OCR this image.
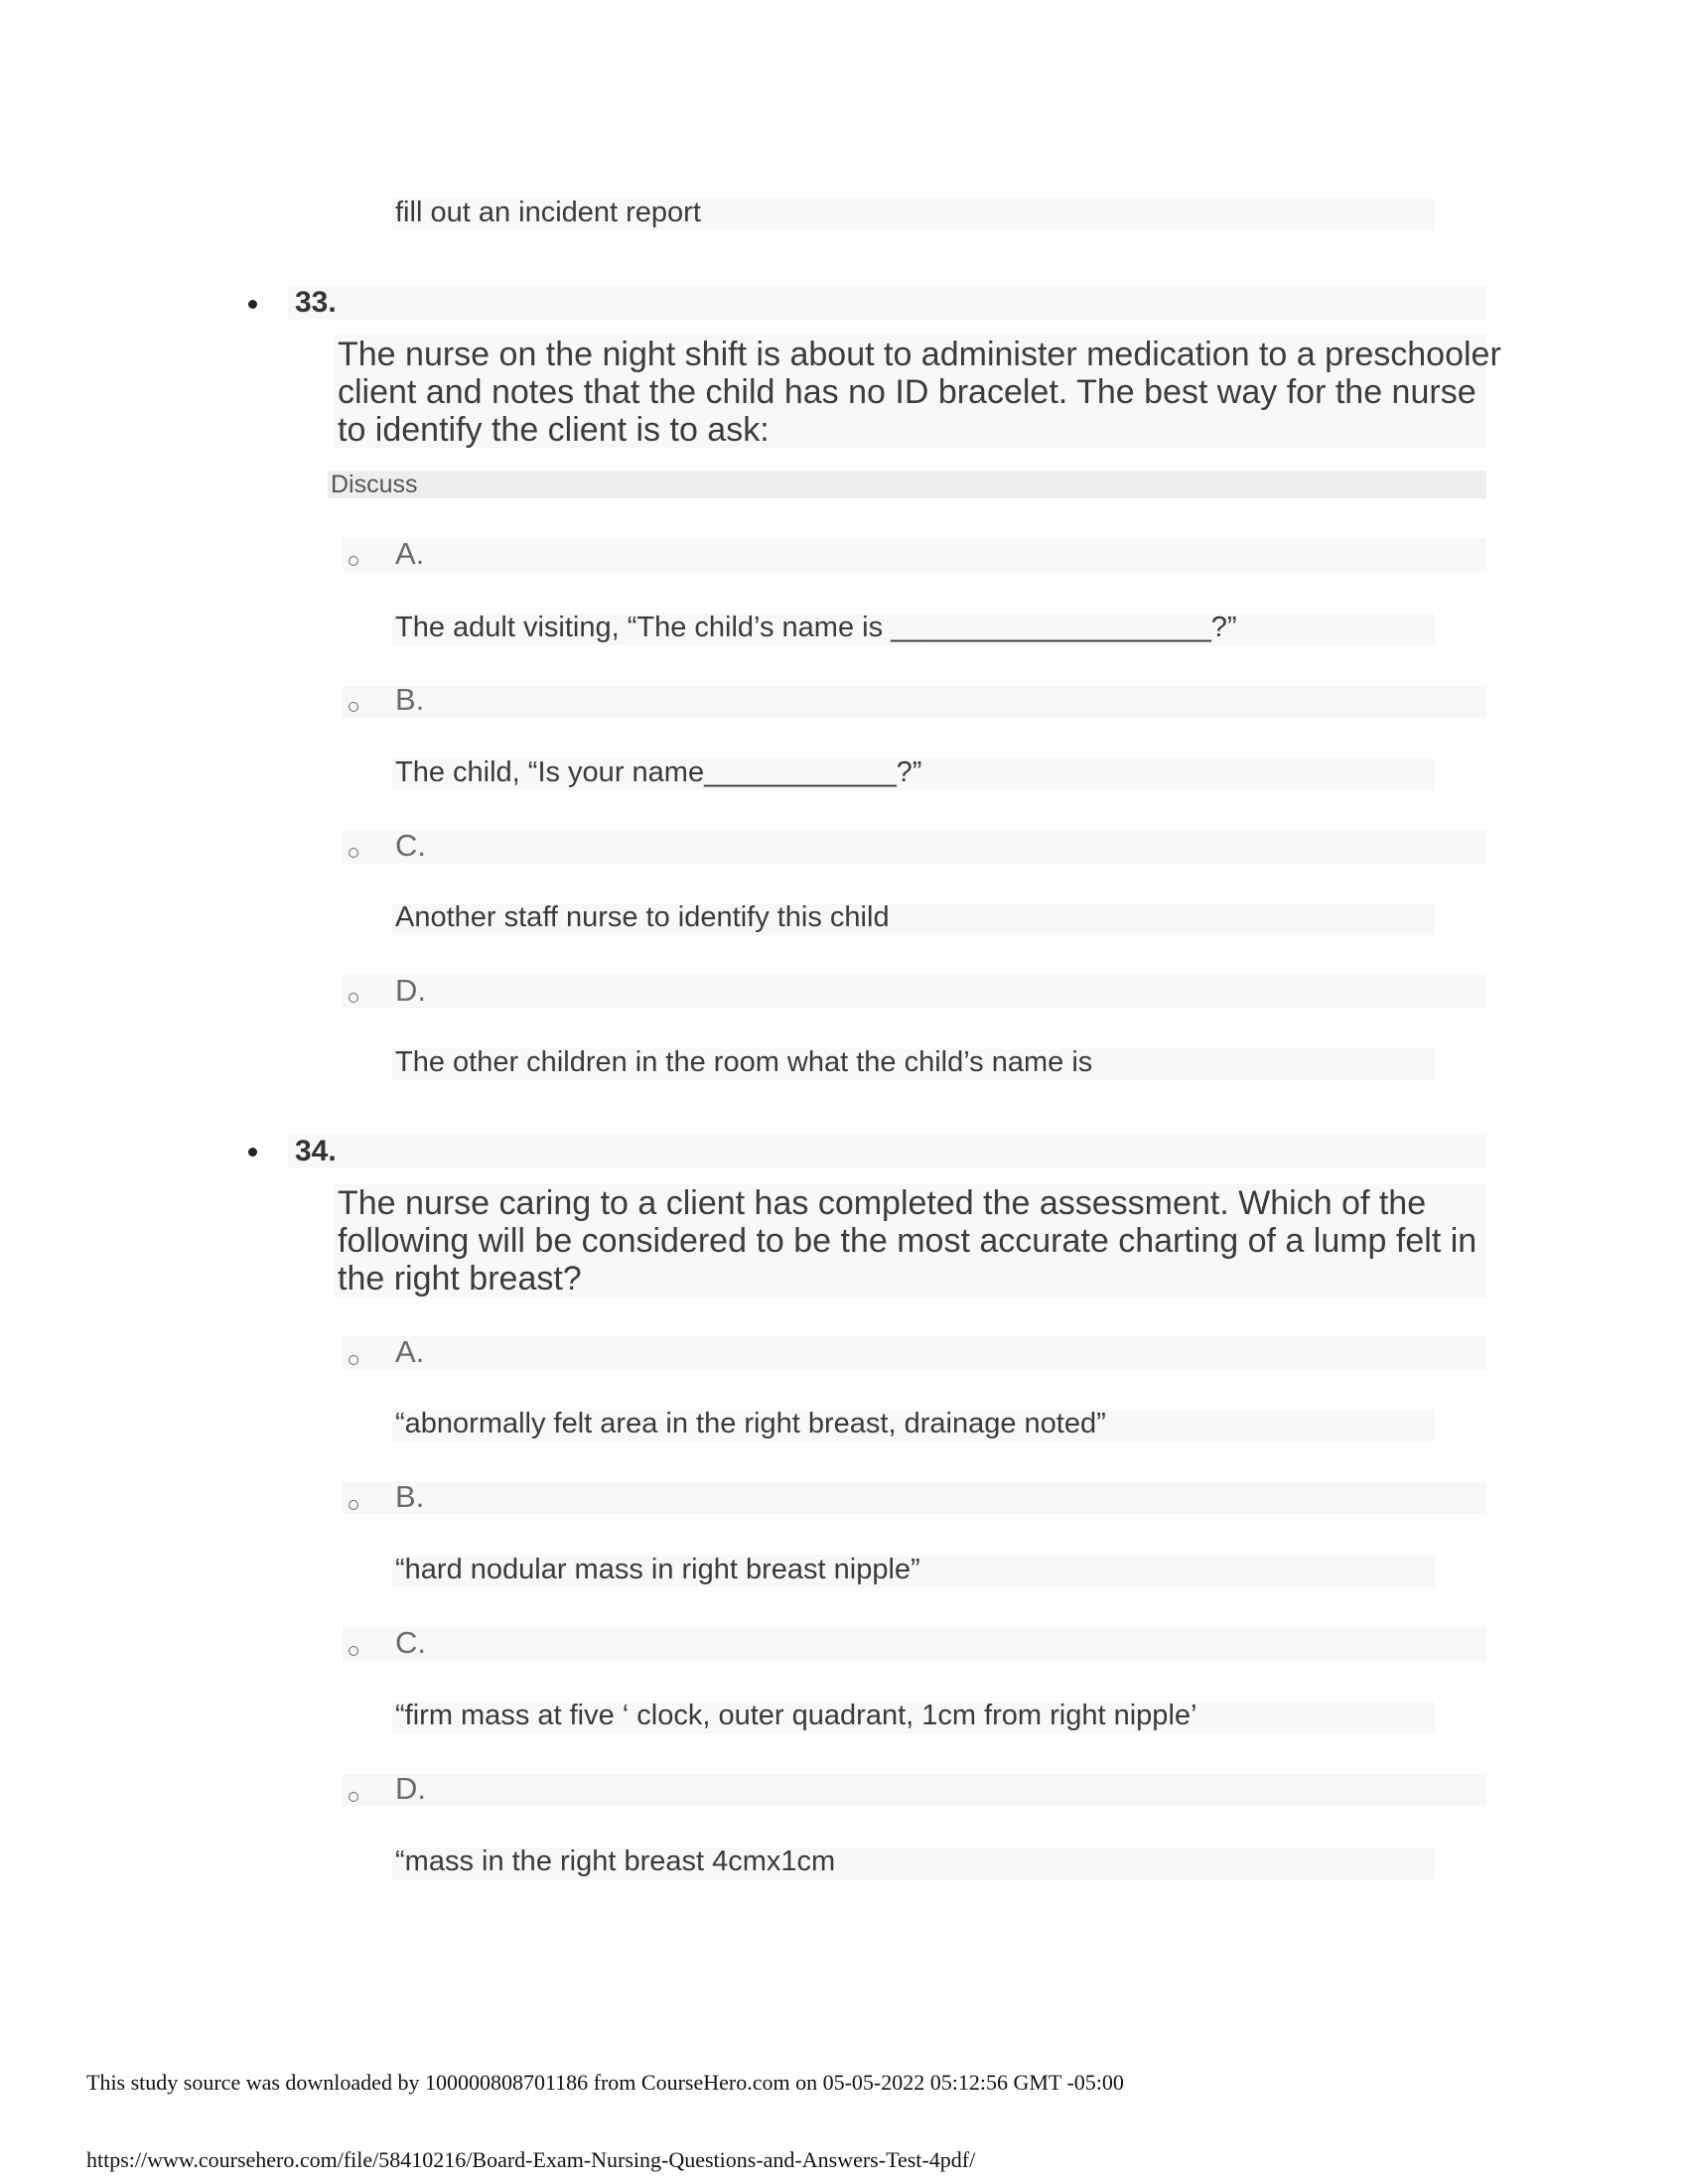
fill out an incident report
33.
The nurse on the night shift is about to administer medication to a preschooler
client and notes that the child has no ID bracelet. The best way for the nurse
to identify the client is to ask:
Discuss
A.
The adult visiting, “The child’s name is ____________________?”
B.
The child, “Is your name____________?”
C.
Another staff nurse to identify this child
D.
The other children in the room what the child’s name is
34.
The nurse caring to a client has completed the assessment. Which of the
following will be considered to be the most accurate charting of a lump felt in
the right breast?
A.
“abnormally felt area in the right breast, drainage noted”
B.
“hard nodular mass in right breast nipple”
C.
“firm mass at five ‘ clock, outer quadrant, 1cm from right nipple’
D.
“mass in the right breast 4cmx1cm
This study source was downloaded by 100000808701186 from CourseHero.com on 05-05-2022 05:12:56 GMT -05:00
https://www.coursehero.com/file/58410216/Board-Exam-Nursing-Questions-and-Answers-Test-4pdf/
